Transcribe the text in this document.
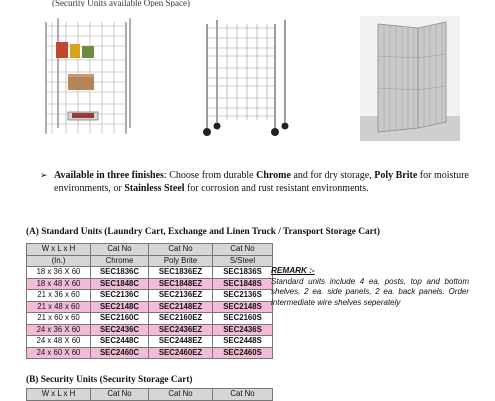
(Security Units available Open Space)
➢ Available in three finishes: Choose from durable Chrome and for dry storage, Poly Brite for moisture environments, or Stainless Steel for corrosion and rust resistant environments.
(A) Standard Units (Laundry Cart, Exchange and Linen Truck / Transport Storage Cart)
W x L x H	Cat No	Cat No	Cat No
(In.)	Chrome	Poly Brite	S/Steel
18 x 36 X 60	SEC1836C	SEC1836EZ	SEC1836S
18 x 48 X 60	SEC1848C	SEC1848EZ	SEC1848S
21 x 36 x 60	SEC2136C	SEC2136EZ	SEC2136S
21 x 48 x 60	SEC2148C	SEC2148EZ	SEC2148S
21 x 60 x 60	SEC2160C	SEC2160EZ	SEC2160S
24 x 36 X 60	SEC2436C	SEC2436EZ	SEC2436S
24 x 48 X 60	SEC2448C	SEC2448EZ	SEC2448S
24 x 60 X 60	SEC2460C	SEC2460EZ	SEC2460S
REMARK :-
Standard units include 4 ea. posts, top and bottom shelves, 2 ea. side panels, 2 ea. back panels. Order intermediate wire shelves seperately
(B) Security Units (Security Storage Cart)
W x L x H	Cat No	Cat No	Cat No
